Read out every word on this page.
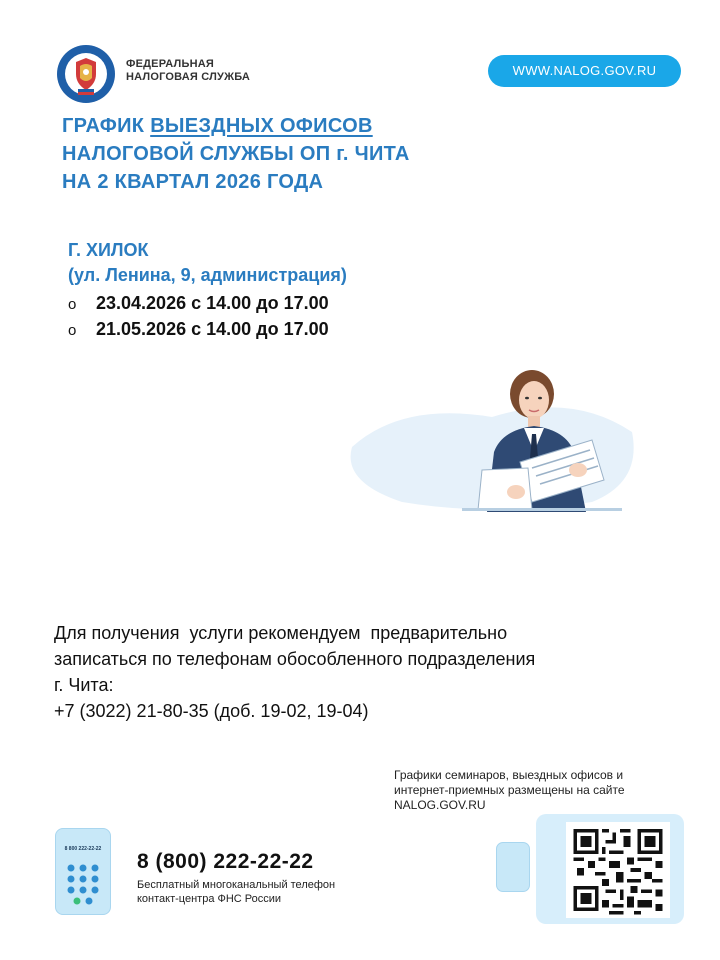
ФЕДЕРАЛЬНАЯ
НАЛОГОВАЯ СЛУЖБА	WWW.NALOG.GOV.RU
ГРАФИК ВЫЕЗДНЫХ ОФИСОВ
НАЛОГОВОЙ СЛУЖБЫ ОП г. ЧИТА
НА 2 КВАРТАЛ 2026 ГОДА
Г. ХИЛОК
(ул. Ленина, 9, администрация)
o 23.04.2026 с 14.00 до 17.00
o 21.05.2026 с 14.00 до 17.00
Для получения  услуги рекомендуем  предварительно
записаться по телефонам обособленного подразделения
г. Чита:
+7 (3022) 21-80-35 (доб. 19-02, 19-04)
Графики семинаров, выездных офисов и
интернет-приемных размещены на сайте
NALOG.GOV.RU
8 800 222-22-22
8 (800) 222-22-22
Бесплатный многоканальный телефон
контакт-центра ФНС России
